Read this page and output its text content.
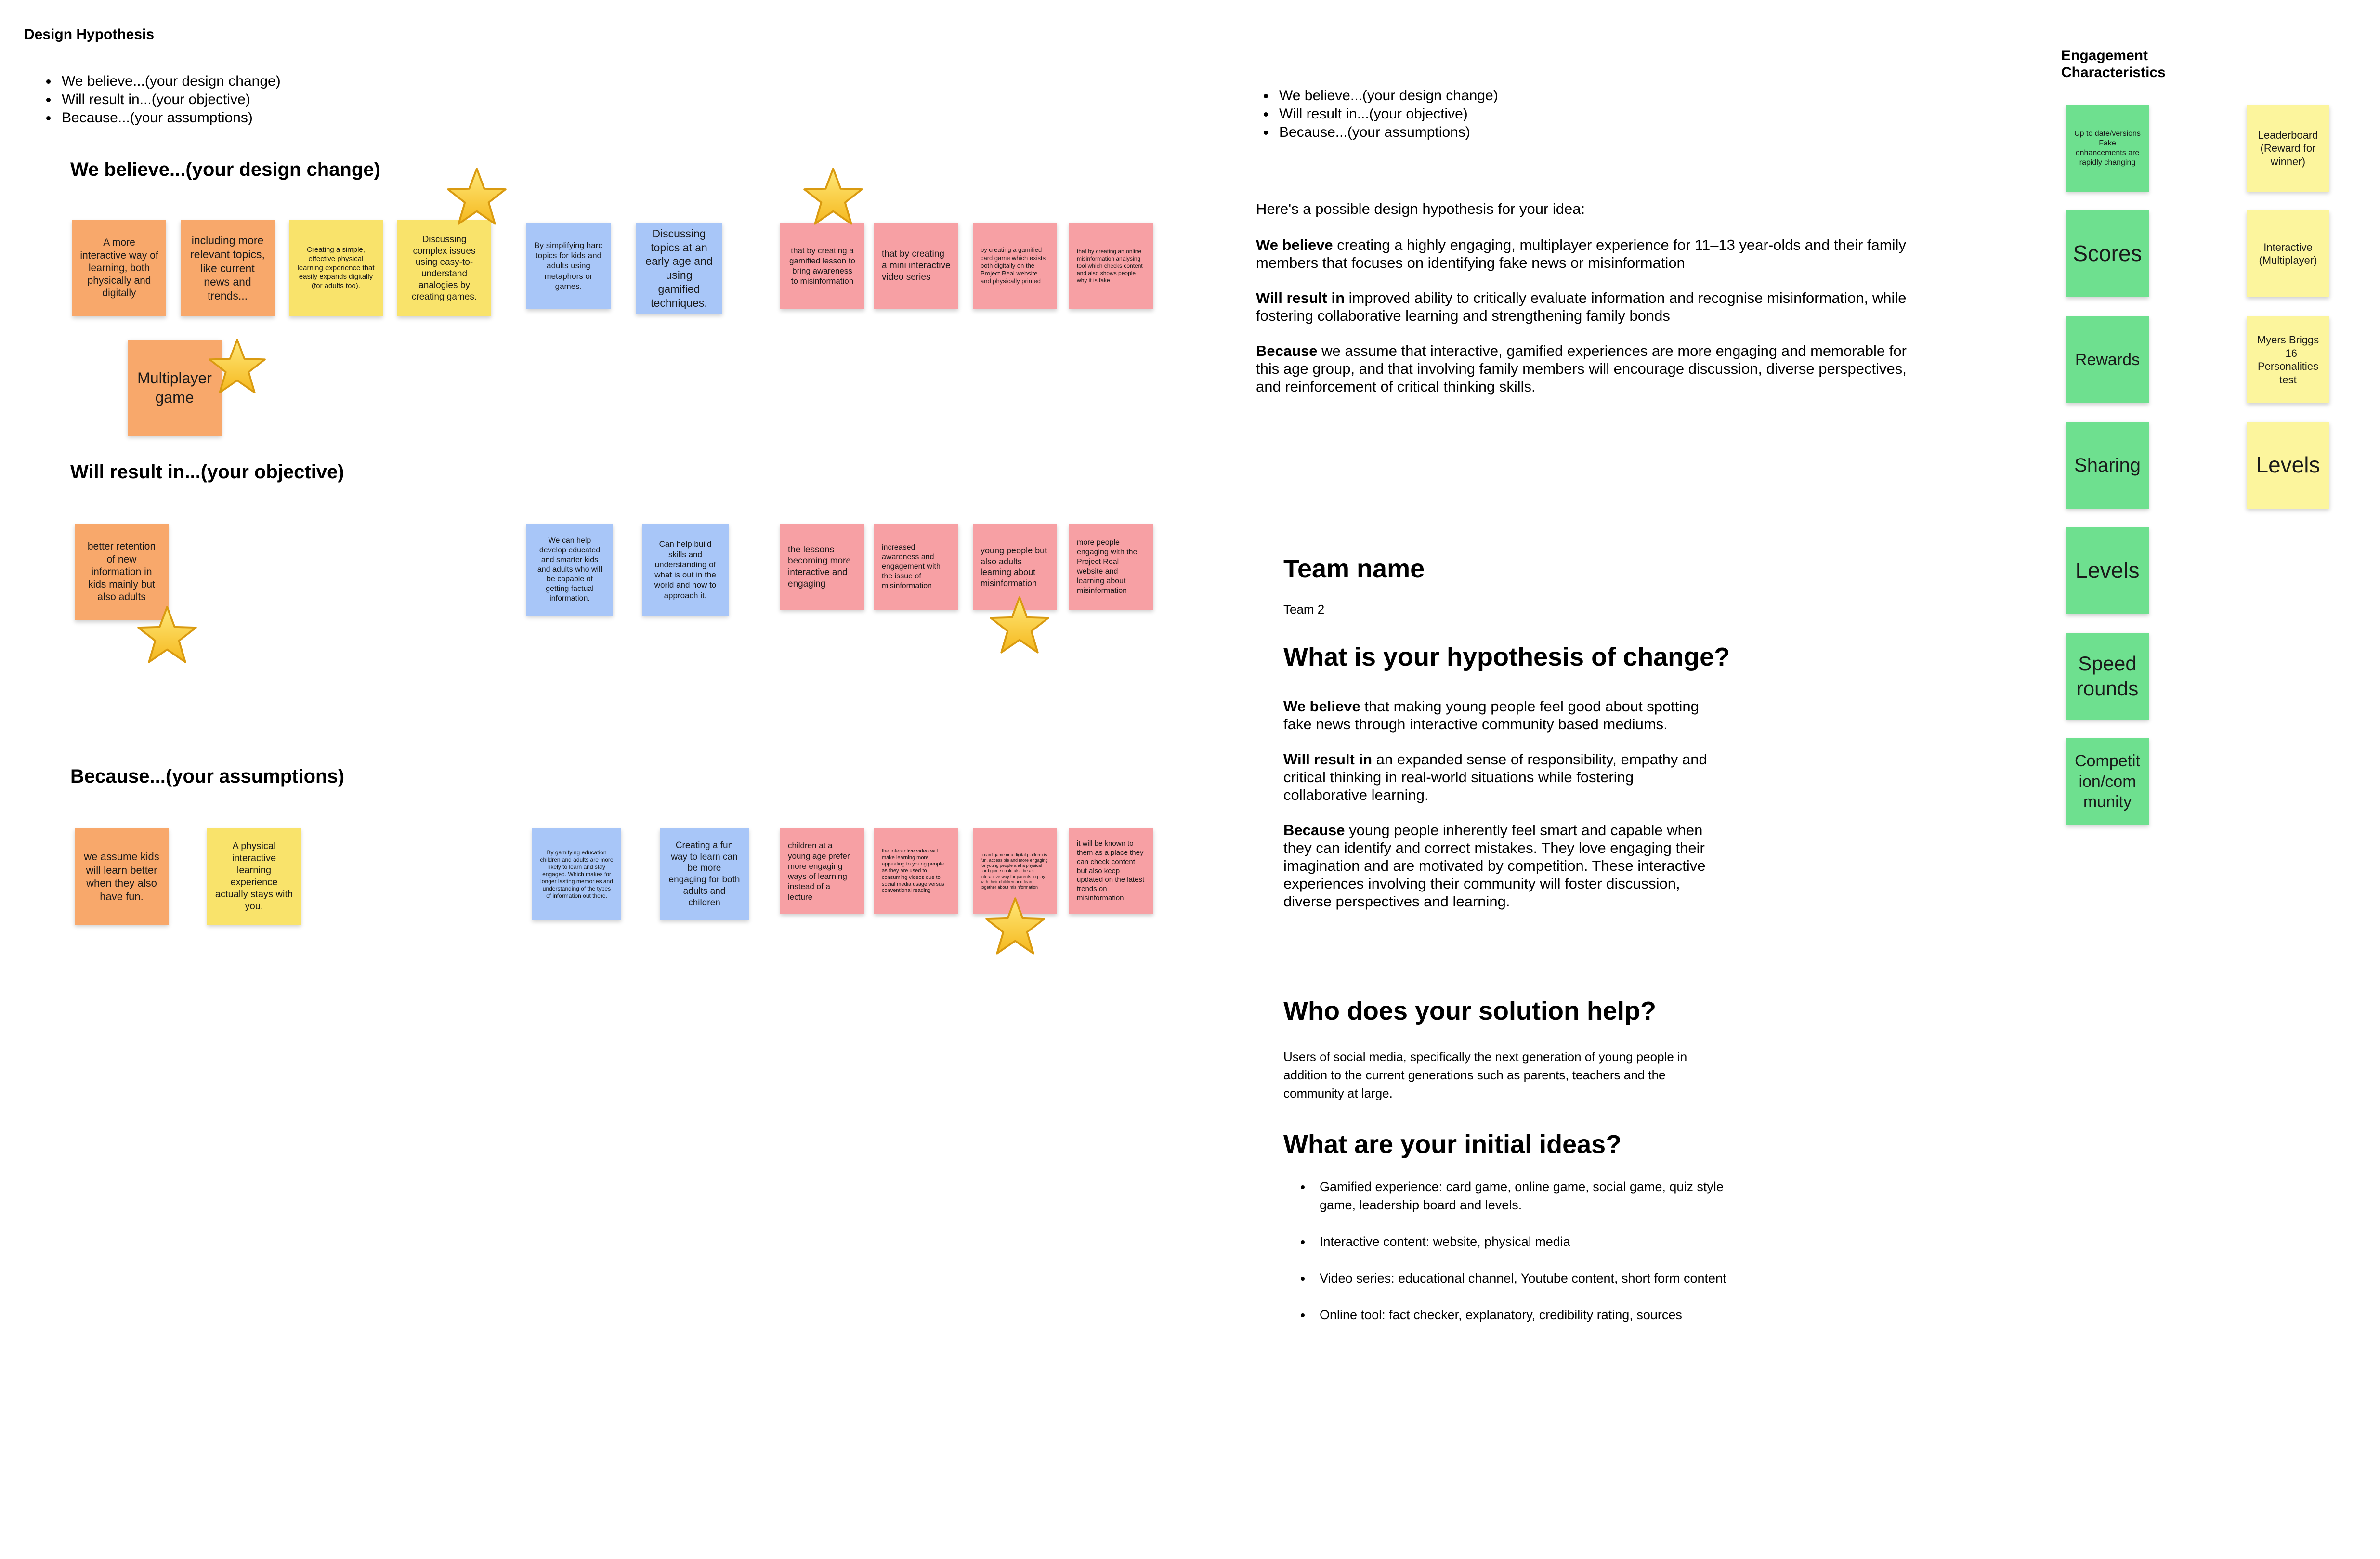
Design Hypothesis
• We believe...(your design change)
• Will result in...(your objective)
• Because...(your assumptions)
We believe...(your design change)
A more interactive way of learning, both physically and digitally
including more relevant topics, like current news and trends...
Creating a simple, effective physical learning experience that easily expands digitally (for adults too).
Discussing complex issues using easy-to-understand analogies by creating games.
By simplifying hard topics for kids and adults using metaphors or games.
Discussing topics at an early age and using gamified techniques.
that by creating a gamified lesson to bring awareness to misinformation
that by creating a mini interactive video series
by creating a gamified card game which exists both digitally on the Project Real website and physically printed
that by creating an online misinformation analysing tool which checks content and also shows people why it is fake
Multiplayer game
Will result in...(your objective)
better retention of new information in kids mainly but also adults
We can help develop educated and smarter kids and adults who will be capable of getting factual information.
Can help build skills and understanding of what is out in the world and how to approach it.
the lessons becoming more interactive and engaging
increased awareness and engagement with the issue of misinformation
young people but also adults learning about misinformation
more people engaging with the Project Real website and learning about misinformation
Because...(your assumptions)
we assume kids will learn better when they also have fun.
A physical interactive learning experience actually stays with you.
By gamifying education children and adults are more likely to learn and stay engaged. Which makes for longer lasting memories and understanding of the types of information out there.
Creating a fun way to learn can be more engaging for both adults and children
children at a young age prefer more engaging ways of learning instead of a lecture
the interactive video will make learning more appealing to young people as they are used to consuming videos due to social media usage versus conventional reading
a card game or a digital platform is fun, accessible and more engaging for young people and a physical card game could also be an interactive way for parents to play with their children and learn together about misinformation
it will be known to them as a place they can check content but also keep updated on the latest trends on misinformation
• We believe...(your design change)
• Will result in...(your objective)
• Because...(your assumptions)

Here's a possible design hypothesis for your idea:

We believe creating a highly engaging, multiplayer experience for 11–13 year-olds and their family members that focuses on identifying fake news or misinformation

Will result in improved ability to critically evaluate information and recognise misinformation, while fostering collaborative learning and strengthening family bonds

Because we assume that interactive, gamified experiences are more engaging and memorable for this age group, and that involving family members will encourage discussion, diverse perspectives, and reinforcement of critical thinking skills.

Team name
Team 2
What is your hypothesis of change?

We believe that making young people feel good about spotting fake news through interactive community based mediums.

Will result in an expanded sense of responsibility, empathy and critical thinking in real-world situations while fostering collaborative learning.

Because young people inherently feel smart and capable when they can identify and correct mistakes. They love engaging their imagination and are motivated by competition. These interactive experiences involving their community will foster discussion, diverse perspectives and learning.

Who does your solution help?
Users of social media, specifically the next generation of young people in addition to the current generations such as parents, teachers and the community at large.
What are your initial ideas?
• Gamified experience: card game, online game, social game, quiz style game, leadership board and levels.
• Interactive content: website, physical media
• Video series: educational channel, Youtube content, short form content
• Online tool: fact checker, explanatory, credibility rating, sources
Engagement Characteristics
Up to date/versions Fake enhancements are rapidly changing
Scores
Rewards
Sharing
Levels
Speed rounds
Competition/community
Leaderboard (Reward for winner)
Interactive (Multiplayer)
Myers Briggs - 16 Personalities test
Levels
